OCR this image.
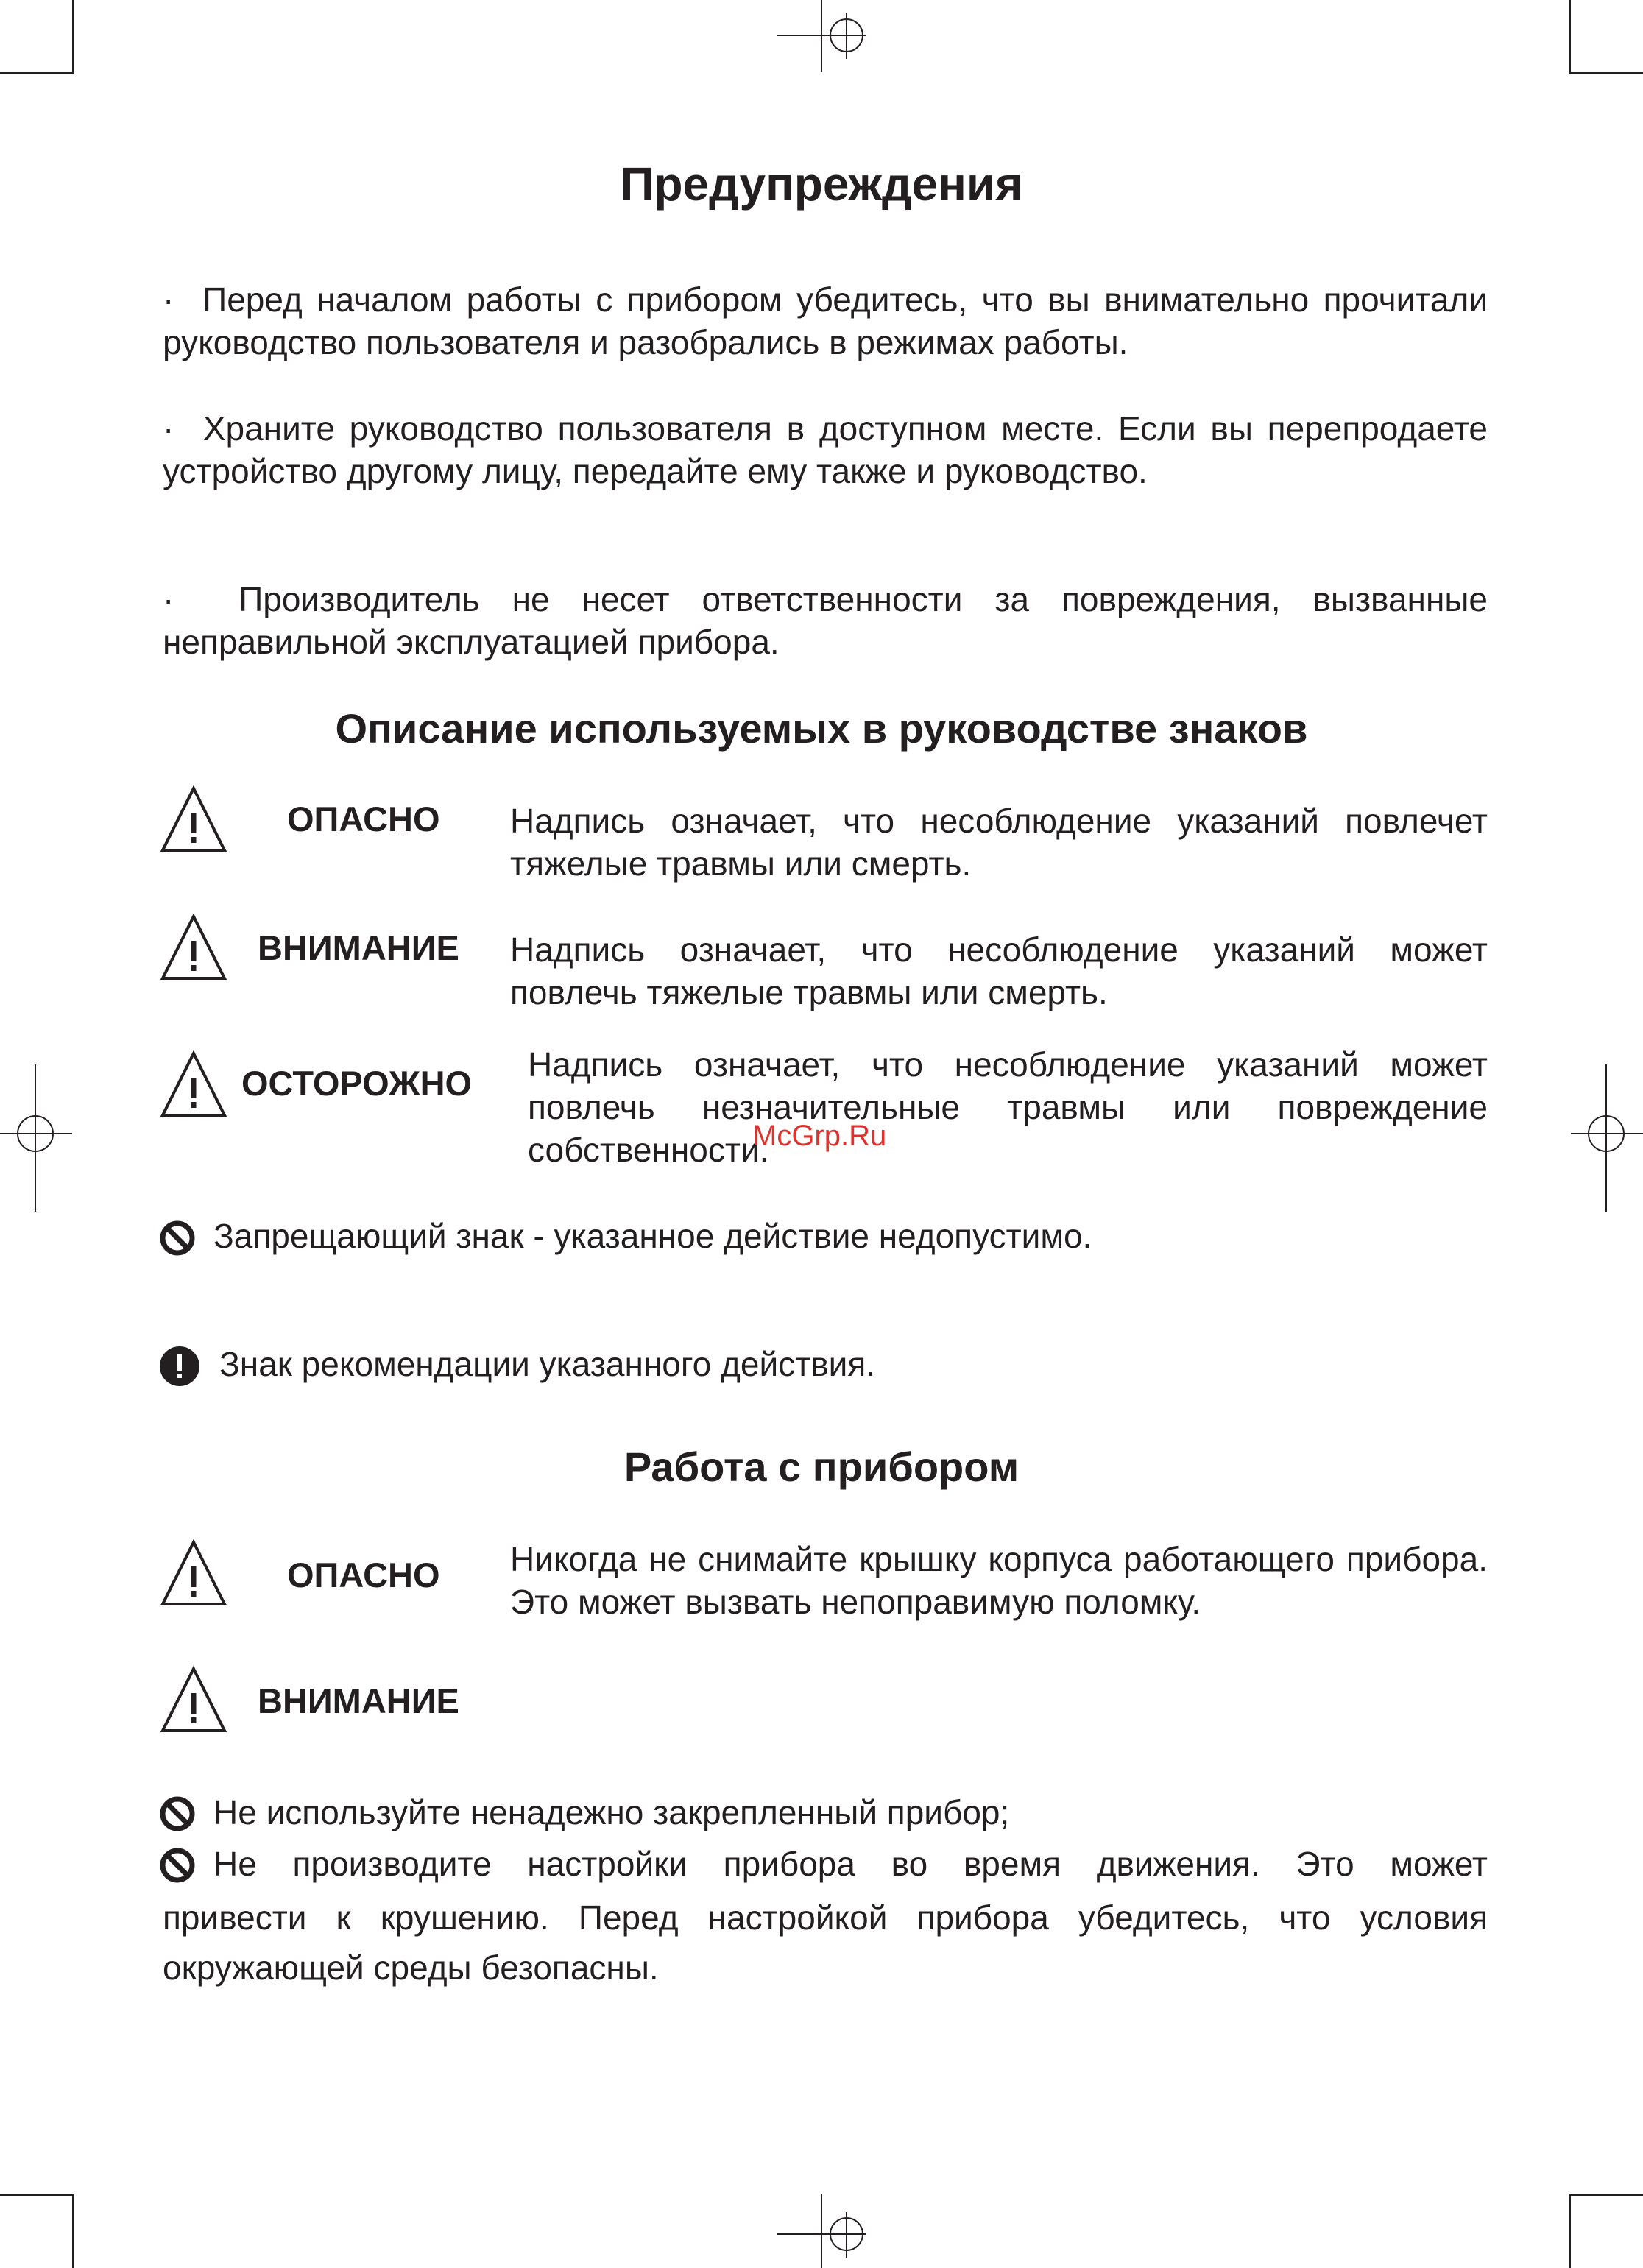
Предупреждения
· Перед началом работы с прибором убедитесь, что вы внимательно прочитали руководство пользователя и разобрались в режимах работы.
· Храните руководство пользователя в доступном месте. Если вы перепродаете устройство другому лицу, передайте ему также и руководство.
· Производитель не несет ответственности за повреждения, вызванные неправильной эксплуатацией прибора.
Описание используемых в руководстве знаков
ОПАСНО Надпись означает, что несоблюдение указаний повлечет тяжелые травмы или смерть.
ВНИМАНИЕ Надпись означает, что несоблюдение указаний может повлечь тяжелые травмы или смерть.
ОСТОРОЖНО Надпись означает, что несоблюдение указаний может повлечь незначительные травмы или повреждение собственности.
McGrp.Ru
Запрещающий знак - указанное действие недопустимо.
Знак рекомендации указанного действия.
Работа с прибором
ОПАСНО Никогда не снимайте крышку корпуса работающего прибора. Это может вызвать непоправимую поломку.
ВНИМАНИЕ
Не используйте ненадежно закрепленный прибор;
Не производите настройки прибора во время движения. Это может
привести к крушению. Перед настройкой прибора убедитесь, что условия окружающей среды безопасны.
